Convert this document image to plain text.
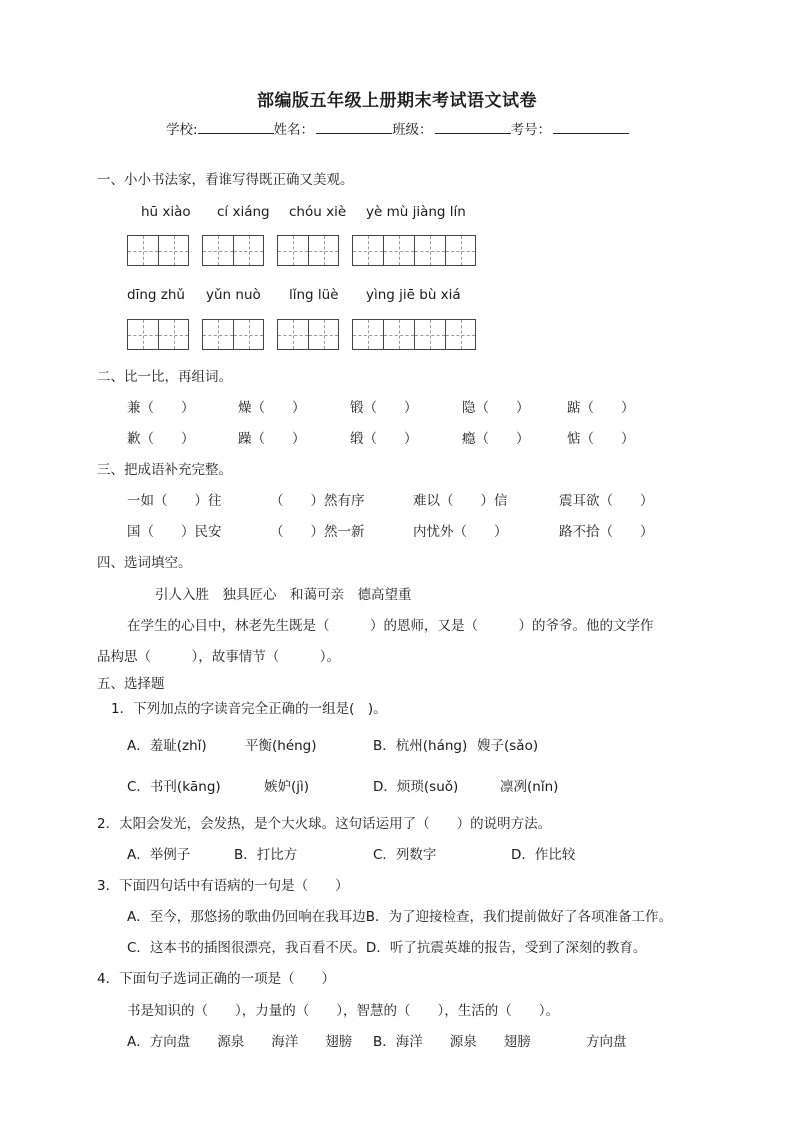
部编版五年级上册期末考试语文试卷
学校:	姓名：	班级：	考号：
一、小小书法家，看谁写得既正确又美观。
hū xiào cí xiáng chóu xiè yè mù jiàng lín
dīng zhǔ yǔn nuò lǐng lüè yìng jiē bù xiá
二、比一比，再组词。
兼（　　）	燥（　　）	锻（　　）	隐（　　）	踮（　　）
歉（　　）	躁（　　）	缎（　　）	瘾（　　）	惦（　　）
三、把成语补充完整。
一如（　　）往	（　　）然有序	难以（　　）信	震耳欲（　　）
国（　　）民安	（　　）然一新	内忧外（　　）	路不拾（　　）
四、选词填空。
引人入胜　独具匠心　和蔼可亲　德高望重
在学生的心目中，林老先生既是（　　　）的恩师，又是（　　　）的爷爷。他的文学作
品构思（　　　），故事情节（　　　）。
五、选择题
1．下列加点的字读音完全正确的一组是(　)。
A．羞耻(zhǐ)	平衡(héng)	B．杭州(háng) 嫂子(sǎo)
C．书刊(kāng)	嫉妒(jì)	D．烦琐(suǒ)	凛冽(nǐn)
2．太阳会发光，会发热，是个大火球。这句话运用了（　　）的说明方法。
A．举例子	B．打比方	C．列数字	D．作比较
3．下面四句话中有语病的一句是（　　）
A．至今，那悠扬的歌曲仍回响在我耳边B．为了迎接检查，我们提前做好了各项准备工作。
C．这本书的插图很漂亮，我百看不厌。D．听了抗震英雄的报告，受到了深刻的教育。
4．下面句子选词正确的一项是（　　）
书是知识的（　　），力量的（　　），智慧的（　　），生活的（　　）。
A．方向盘　　源泉　　海洋　　翅膀 B．海洋　　源泉　　翅膀	方向盘
